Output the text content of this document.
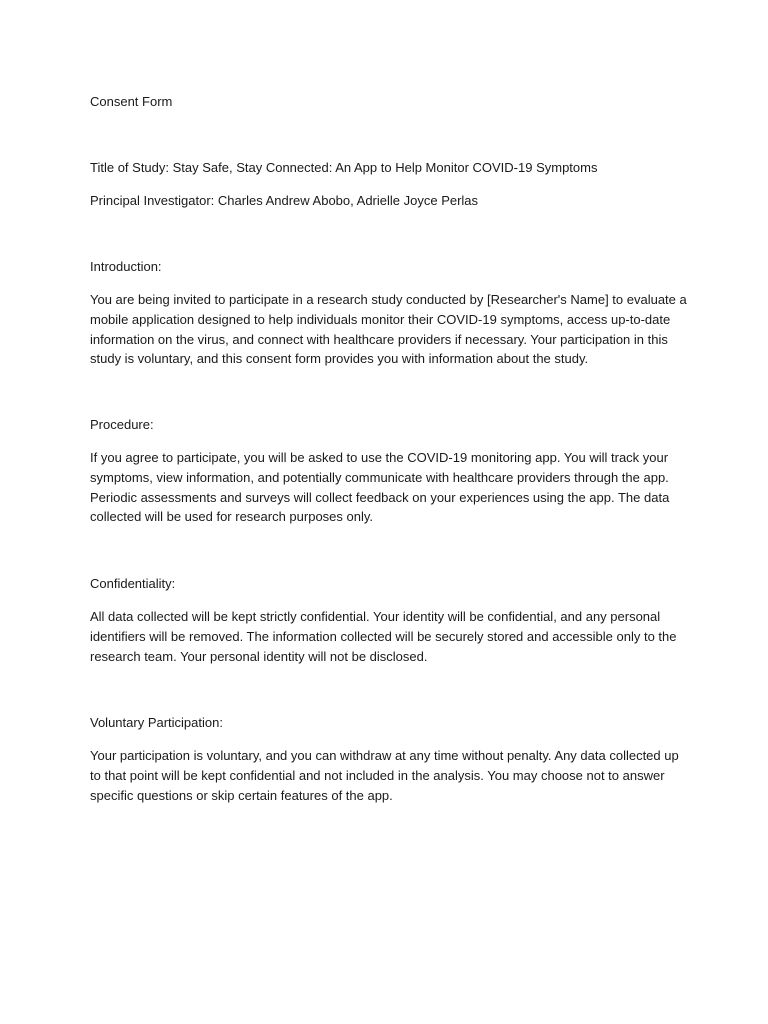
Consent Form

Title of Study: Stay Safe, Stay Connected: An App to Help Monitor COVID-19 Symptoms

Principal Investigator: Charles Andrew Abobo, Adrielle Joyce Perlas

Introduction:

You are being invited to participate in a research study conducted by [Researcher's Name] to evaluate a
mobile application designed to help individuals monitor their COVID-19 symptoms, access up-to-date
information on the virus, and connect with healthcare providers if necessary. Your participation in this
study is voluntary, and this consent form provides you with information about the study.

Procedure:

If you agree to participate, you will be asked to use the COVID-19 monitoring app. You will track your
symptoms, view information, and potentially communicate with healthcare providers through the app.
Periodic assessments and surveys will collect feedback on your experiences using the app. The data
collected will be used for research purposes only.

Confidentiality:

All data collected will be kept strictly confidential. Your identity will be confidential, and any personal
identifiers will be removed. The information collected will be securely stored and accessible only to the
research team. Your personal identity will not be disclosed.

Voluntary Participation:

Your participation is voluntary, and you can withdraw at any time without penalty. Any data collected up
to that point will be kept confidential and not included in the analysis. You may choose not to answer
specific questions or skip certain features of the app.
